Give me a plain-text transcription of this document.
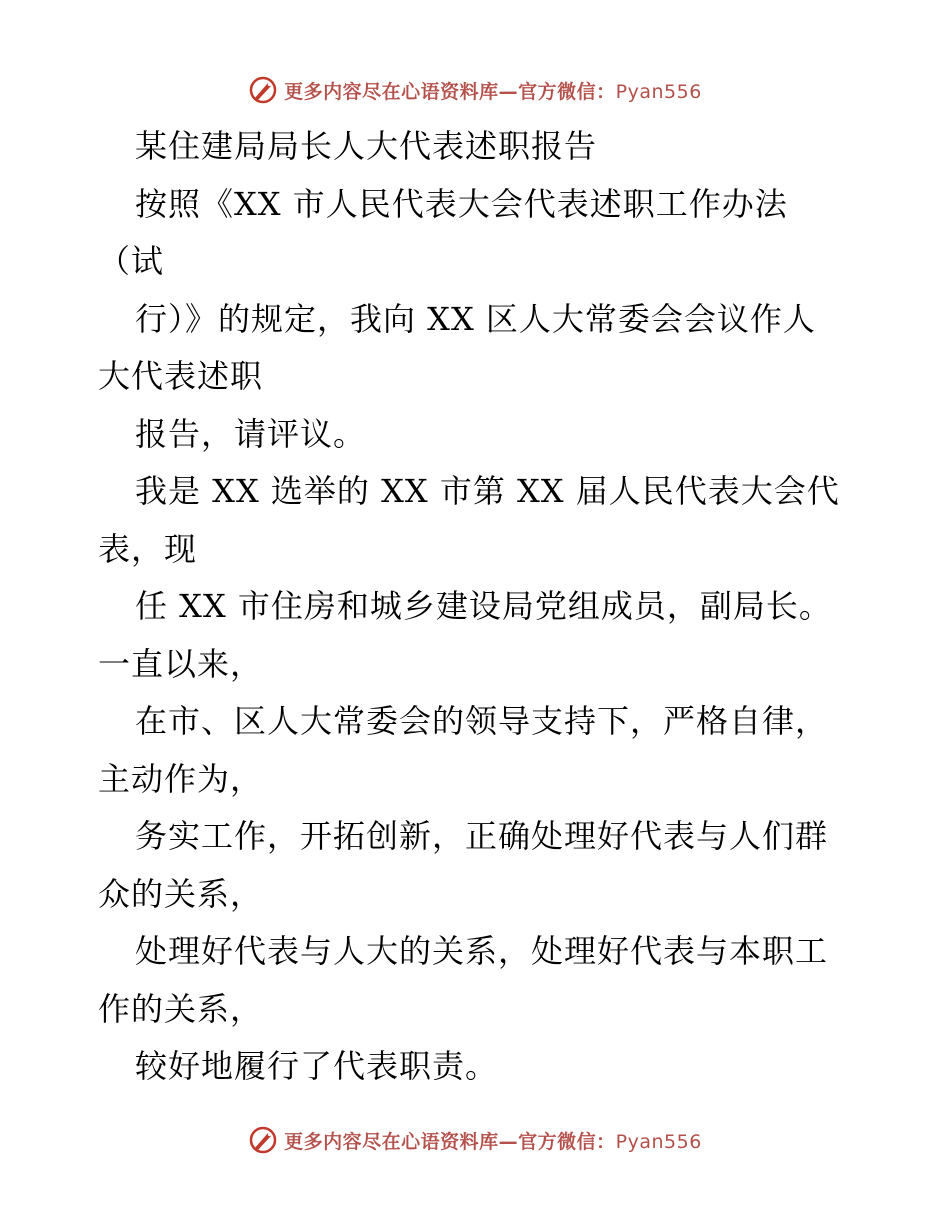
更多内容尽在心语资料库—官方微信：Pyan556
某住建局局长人大代表述职报告
按照《XX 市人民代表大会代表述职工作办法
（试
行）》的规定，我向 XX 区人大常委会会议作人
大代表述职
报告，请评议。
我是 XX 选举的 XX 市第 XX 届人民代表大会代
表，现
任 XX 市住房和城乡建设局党组成员，副局长。
一直以来，
在市、区人大常委会的领导支持下，严格自律，
主动作为，
务实工作，开拓创新，正确处理好代表与人们群
众的关系，
处理好代表与人大的关系，处理好代表与本职工
作的关系，
较好地履行了代表职责。
更多内容尽在心语资料库—官方微信：Pyan556
